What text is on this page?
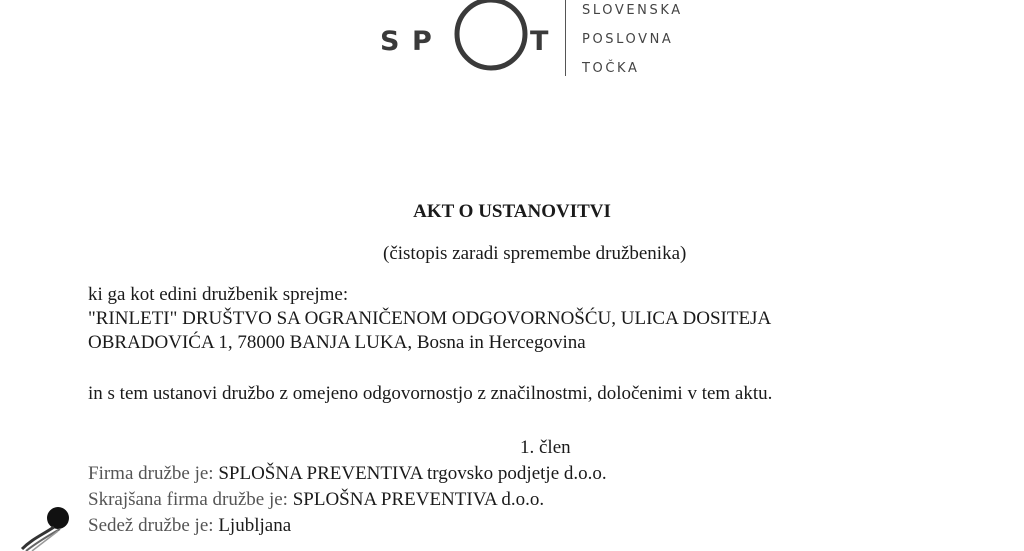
S P	T
SLOVENSKA
POSLOVNA
TOČKA
AKT O USTANOVITVI
(čistopis zaradi spremembe družbenika)
ki ga kot edini družbenik sprejme:
"RINLETI" DRUŠTVO SA OGRANIČENOM ODGOVORNOŠĆU, ULICA DOSITEJA
OBRADOVIĆA 1, 78000 BANJA LUKA, Bosna in Hercegovina
in s tem ustanovi družbo z omejeno odgovornostjo z značilnostmi, določenimi v tem aktu.
1. člen
Firma družbe je: SPLOŠNA PREVENTIVA trgovsko podjetje d.o.o.
Skrajšana firma družbe je: SPLOŠNA PREVENTIVA d.o.o.
Sedež družbe je: Ljubljana
